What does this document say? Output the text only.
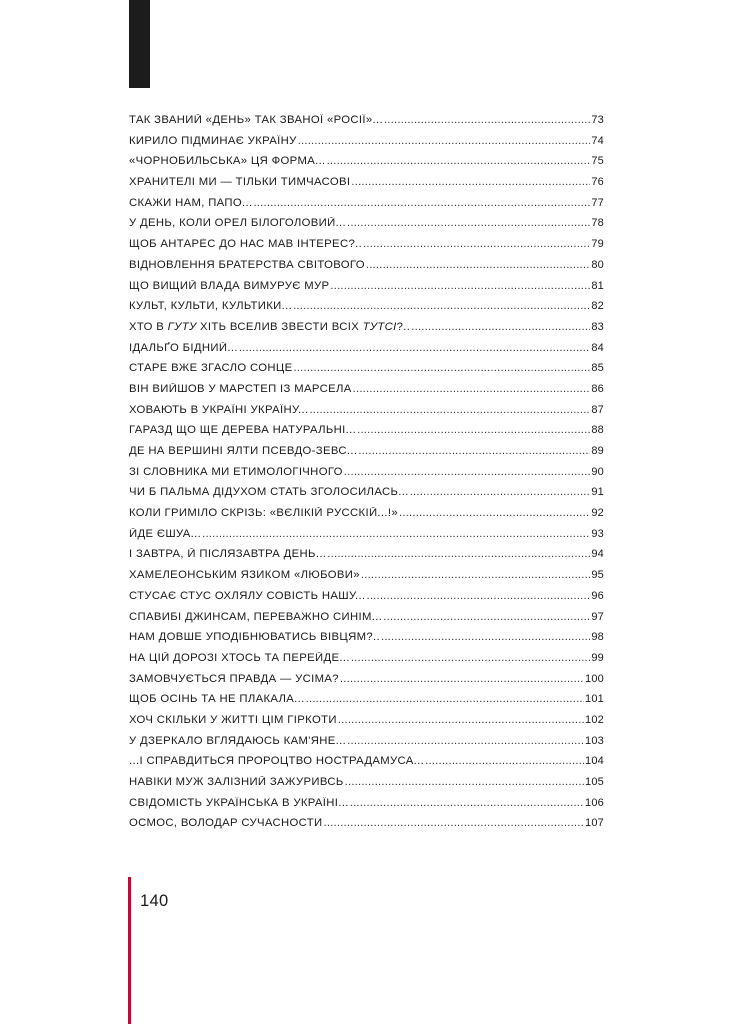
ТАК ЗВАНИЙ «ДЕНЬ» ТАК ЗВАНОЇ «РОСІЇ»... .....	73
КИРИЛО ПІДМИНАЄ УКРАЇНУ .....	74
«ЧОРНОБИЛЬСЬКА» ЦЯ ФОРМА... .....	75
ХРАНИТЕЛІ МИ — ТІЛЬКИ ТИМЧАСОВІ .....	76
СКАЖИ НАМ, ПАПО... .....	77
У ДЕНЬ, КОЛИ ОРЕЛ БІЛОГОЛОВИЙ... .....	78
ЩОБ АНТАРЕ́С ДО НАС МАВ ІНТЕРЕС?.. .....	79
ВІДНОВЛЕННЯ БРАТЕРСТВА СВІТОВОГО .....	80
ЩО ВИЩИЙ ВЛАДА ВИМУРУЄ МУР .....	81
КУЛЬТ, КУЛЬТИ, КУЛЬТИКИ... .....	82
ХТО В ГУТУ ХІТЬ ВСЕЛИВ ЗВЕСТИ ВСІХ ТУТСІ?.. .....	83
ІДАЛЬҐО БІДНИЙ... .....	84
СТАРЕ ВЖЕ ЗГАСЛО СОНЦЕ .....	85
ВІН ВИЙШОВ У МАРСТЕП ІЗ МАРСЕЛА .....	86
ХОВАЮТЬ В УКРАЇНІ УКРАЇНУ... .....	87
ГАРАЗД ЩО ЩЕ ДЕРЕВА НАТУРАЛЬНІ... .....	88
ДЕ НА ВЕРШИНІ ЯЛТИ ПСЕВДО-ЗЕВС... .....	89
ЗІ СЛОВНИКА МИ ЕТИМОЛОГІЧНОГО .....	90
ЧИ Б ПАЛЬМА ДІДУХОМ СТАТЬ ЗГОЛОСИЛАСЬ... .....	91
КОЛИ ГРИМІЛО СКРІЗЬ: «ВЄЛІКІЙ РУССКІЙ...!» .....	92
ЙДЕ ЄШУА... .....	93
І ЗАВТРА, Й ПІСЛЯЗАВТРА ДЕНЬ... .....	94
ХАМЕЛЕОНСЬКИМ ЯЗИКОМ «ЛЮБОВИ» .....	95
СТУСАЄ СТУС ОХЛЯЛУ СОВІСТЬ НАШУ... .....	96
СПАВИБІ ДЖИНСАМ, ПЕРЕВАЖНО СИНІМ... .....	97
НАМ ДОВШЕ УПОДІБНЮВАТИСЬ ВІВЦЯМ?.. .....	98
НА ЦІЙ ДОРОЗІ ХТОСЬ ТА ПЕРЕЙДЕ... .....	99
ЗАМОВЧУЄТЬСЯ ПРАВДА — УСІМА? .....	100
ЩОБ ОСІНЬ ТА НЕ ПЛАКАЛА... .....	101
ХОЧ СКІЛЬКИ У ЖИТТІ ЦІМ ГІРКОТИ .....	102
У ДЗЕРКАЛО ВГЛЯДАЮСЬ КАМ'ЯНЕ... .....	103
...І СПРАВДИТЬСЯ ПРОРОЦТВО НОСТРАДАМУСА... .....	104
НАВІКИ МУЖ ЗАЛІЗНИЙ ЗАЖУРИВСЬ .....	105
СВІДОМІСТЬ УКРАЇНСЬКА В УКРАЇНІ... .....	106
ОСМОС, ВОЛОДАР СУЧАСНОСТИ .....	107
140
